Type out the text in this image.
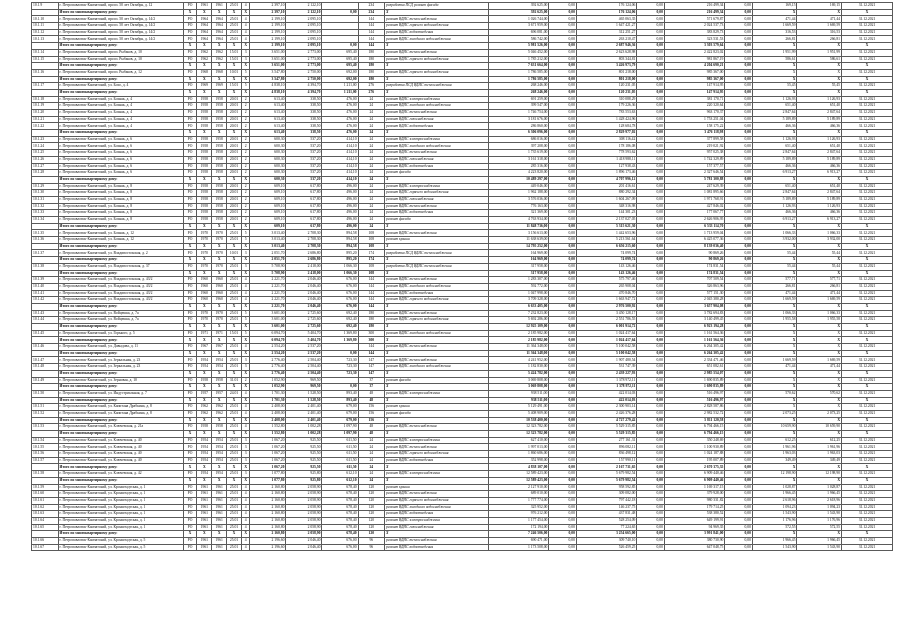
10.1.9	г. Петропавловск-Камчатский, просп. 50 лет Октября, д. 12	РО	1961	1961	25.01	4	2 397,10	2 122,10		234	разработка ПСД ремонт фасада	392 625,00	0,00	176 124,06	0,00	216 499,34	0,00	169,15	169,15	31.12.2021
	Итого по многоквартирному дому:	X	X	X	X	X	2 397,10	2 122,10	0,00	234	X	392 625,00	0,00	176 124,06	0,00	216 499,34	0,00	X	X	X
10.1.10	г. Петропавловск-Камчатский, просп. 50 лет Октября, д. 14/2	РО	1964	1964	25.01	4	2 199,10	2 095,10		144	ремонт ВДИС теплоснабжения	1 026 744,00	0,00	465 063,35	0,00	571 679,87	0,00	471,44	471,44	31.12.2021
10.1.11	г. Петропавловск-Камчатский, просп. 50 лет Октября, д. 14/2	РО	1964	1964	25.01	4	2 199,10	2 095,10		144	ремонт ВДИС горячего водоснабжения	3 671 959,00	0,00	1 647 421,27	0,00	2 024 537,73	0,00	1 669,59	1 669,59	31.12.2021
10.1.12	г. Петропавловск-Камчатский, просп. 50 лет Октября, д. 14/2	РО	1964	1964	25.01	4	2 199,10	2 095,10		144	ремонт ВДИС водоотведения	696 081,00	0,00	312 251,27	0,00	383 829,73	0,00	316,53	316,53	31.12.2021
10.1.13	г. Петропавловск-Камчатский, просп. 50 лет Октября, д. 14/2	РО	1964	1964	25.01	4	2 199,10	2 095,10		144	ремонт ВДИС холодного водоснабжения	586 742,00	0,00	263 210,47	0,00	323 531,53	0,00	266,81	266,81	31.12.2021
	Итого по многоквартирному дому:	X	X	X	X	X	2 199,10	2 095,10	0,00	144	X	5 981 526,00	0,00	2 687 946,36	0,00	3 303 579,64	0,00	X	X	X
10.1.14	г. Петропавловск-Камчатский, просп. Рыбаков, д. 10	РО	1962	1962	15.01	3	3 651,00	2 773,00	695,40	180	ремонт ВДИС теплоснабжения	5 046 452,00	0,00	2 623 628,98	0,00	2 422 823,02	0,00	1 951,99	1 951,99	31.12.2021
10.1.15	г. Петропавловск-Камчатский, просп. Рыбаков, д. 10	РО	1962	1962	15.01	3	3 651,00	2 773,00	695,40	180	ремонт ВДИС горячего водоснабжения	1 785 212,00	0,00	803 344,81	0,00	981 867,19	0,00	586,61	586,61	31.12.2021
	Итого по многоквартирному дому:	X	X	X	X	X	3 651,00	2 773,00	695,40	180	X	7 631 664,00	0,00	3 426 973,79	0,00	4 204 690,21	0,00	X	X	X
10.1.16	г. Петропавловск-Камчатский, просп. Рыбаков, д. 12	РО	1968	1968	10.01	5	3 547,80	2 750,00	692,00	180	ремонт ВДИС горячего водоснабжения	1 786 585,00	0,00	801 218,00	0,00	985 367,00	0,00	X	X	31.12.2021
	Итого по многоквартирному дому:	X	X	X	X	X	3 547,80	2 750,00	692,00	180	X	1 786 585,00	0,00	801 218,00	0,00	985 367,00	0,00	X	X	X
10.1.17	г. Петропавловск-Камчатский, ул. Бохо, д. 4	РО	1969	1969	15.01	5	4 838,10	4 394,70	1 211,00	276	разработка ПСД ВДИС теплоснабжения	268 246,00	0,00	120 231,05	0,00	147 914,95	0,00	55,45	55,45	31.12.2021
	Итого по многоквартирному дому:	X	X	X	X	X	4 838,10	4 394,70	1 211,00	276	X	268 246,00	0,00	120 231,05	0,00	147 914,95	0,00	X	X	X
10.1.18	г. Петропавловск-Камчатский, ул. Бохняк, д. 4	РО	1958	1958	20.01	2	613,40	338,50	476,00	24	ремонт ВДИС электроснабжения	691 259,00	0,00	310 088,29	0,00	381 170,71	0,00	1 126,93	1 126,93	31.12.2021
10.1.19	г. Петропавловск-Камчатский, ул. Бохняк, д. 4	РО	1958	1958	20.01	2	613,40	338,50	476,00	24	ремонт ВДИС холодного водоснабжения	399 547,00	0,00	179 226,36	0,00	220 320,64	0,00	651,40	651,40	31.12.2021
10.1.20	г. Петропавловск-Камчатский, ул. Бохняк, д. 4	РО	1958	1958	20.01	2	613,40	338,50	476,00	24	ремонт ВДИС теплоснабжения	1 746 754,00	0,00	783 553,63	0,00	963 170,37	0,00	2 847,64	2 847,64	31.12.2021
10.1.21	г. Петропавловск-Камчатский, ул. Бохняк, д. 4	РО	1958	1958	20.01	2	613,40	338,50	476,00	24	ремонт ВДИС газоснабжения	3 181 676,00	0,00	1 428 424,96	0,00	1 753 251,04	0,00	5 189,89	5 189,89	31.12.2021
10.1.22	г. Петропавловск-Камчатский, ул. Бохняк, д. 4	РО	1958	1958	20.01	2	613,40	338,50	476,00	24	ремонт ВДИС водоотведения	286 860,00	0,00	128 684,78	0,00	158 175,22	0,00	466,36	466,36	31.12.2021
	Итого по многоквартирному дому:	X	X	X	X	X	613,40	338,50	476,00	24	X	6 306 096,00	0,00	2 829 977,02	0,00	3 476 118,98	0,00	X	X	X
10.1.23	г. Петропавловск-Камчатский, ул. Бохняк, д. 6	РО	1958	1958	20.01	2	600,30	537,20	414,10	24	ремонт ВДИС электроснабжения	686 016,00	0,00	308 116,42	0,00	377 899,58	0,00	1 126,93	1 126,93	31.12.2021
10.1.24	г. Петропавловск-Камчатский, ул. Бохняк, д. 6	РО	1958	1958	20.01	2	600,30	537,20	414,10	24	ремонт ВДИС холодного водоснабжения	397 208,00	0,00	178 186,08	0,00	219 021,92	0,00	651,40	651,40	31.12.2021
10.1.25	г. Петропавловск-Камчатский, ул. Бохняк, д. 6	РО	1958	1958	20.01	2	600,30	537,20	414,10	24	ремонт ВДИС теплоснабжения	1 735 619,00	0,00	778 593,62	0,00	957 025,38	0,00	2 847,64	2 847,64	31.12.2021
10.1.26	г. Петропавловск-Камчатский, ул. Бохняк, д. 6	РО	1958	1958	20.01	2	600,30	537,20	414,10	24	ремонт ВДИС газоснабжения	3 161 318,00	0,00	1 418 988,11	0,00	1 742 329,89	0,00	5 189,89	5 189,89	31.12.2021
10.1.27	г. Петропавловск-Камчатский, ул. Бохняк, д. 6	РО	1958	1958	20.01	2	600,30	537,20	414,10	24	ремонт ВДИС водоотведения	285 316,00	0,00	127 938,43	0,00	157 377,57	0,00	466,36	466,36	31.12.2021
10.1.28	г. Петропавловск-Камчатский, ул. Бохняк, д. 6	РО	1958	1958	20.01	2	600,30	537,20	414,10	24	ремонт фасада	4 223 820,00	0,00	1 896 173,46	0,00	2 327 646,54	0,00	6 913,27	6 913,27	31.12.2021
	Итого по многоквартирному дому:	X	X	X	X	X	600,30	537,20	414,10	24	X	10 489 297,00	0,00	4 707 996,12	0,00	5 781 300,88	0,00	X	X	X
10.1.29	г. Петропавловск-Камчатский, ул. Бохняк, д. 8	РО	1958	1958	20.01	2	609,10	617,80	496,00	24	ремонт ВДИС электроснабжения	449 046,00	0,00	201 416,61	0,00	247 629,39	0,00	651,40	651,40	31.12.2021
10.1.30	г. Петропавловск-Камчатский, ул. Бохняк, д. 8	РО	1958	1958	20.01	2	609,10	617,80	496,00	24	ремонт ВДИС горячего водоснабжения	1 962 188,00	0,00	880 292,34	0,00	1 081 895,66	0,00	2 847,64	2 847,64	31.12.2021
10.1.31	г. Петропавловск-Камчатский, ул. Бохняк, д. 8	РО	1958	1958	20.01	2	609,10	617,80	496,00	24	ремонт ВДИС газоснабжения	3 576 036,00	0,00	1 604 267,09	0,00	1 971 768,91	0,00	5 189,89	5 189,89	31.12.2021
10.1.32	г. Петропавловск-Камчатский, ул. Бохняк, д. 8	РО	1958	1958	20.01	2	609,10	617,80	496,00	24	ремонт ВДИС теплоснабжения	776 163,00	0,00	348 316,98	0,00	427 846,02	0,00	1 126,93	1 126,93	31.12.2021
10.1.33	г. Петропавловск-Камчатский, ул. Бохняк, д. 8	РО	1958	1958	20.01	2	609,10	617,80	496,00	24	ремонт ВДИС водоотведения	321 369,00	0,00	144 301,23	0,00	177 067,77	0,00	466,36	466,36	31.12.2021
10.1.34	г. Петропавловск-Камчатский, ул. Бохняк, д. 8	РО	1958	1958	20.01	2	609,10	617,80	496,00	24	ремонт фасада	4 763 934,00	0,00	2 137 027,05	0,00	2 626 906,95	0,00	6 913,27	6 913,27	31.12.2021
	Итого по многоквартирному дому:	X	X	X	X	X	609,10	617,80	496,00	24	X	11 848 736,00	0,00	5 315 621,30	0,00	6 533 114,70	0,00	X	X	X
10.1.35	г. Петропавловск-Камчатский, ул. Бохняк, д. 12	РО	1970	1970	25.01	5	3 013,40	2 708,30	894,58	108	ремонт ВДИС теплоснабжения	3 156 613,00	0,00	1 442 653,96	0,00	1 713 959,04	0,00	1 066,33	1 066,33	31.12.2021
10.1.36	г. Петропавловск-Камчатский, ул. Бохняк, д. 12	РО	1970	1970	25.01	5	3 013,40	2 708,30	894,58	108	ремонт крыши	11 638 639,00	0,00	5 213 561,64	0,00	6 425 077,36	0,00	3 932,00	3 932,00	31.12.2021
	Итого по многоквартирному дому:	X	X	X	X	X	3 013,40	2 708,30	894,58	108	X	14 795 252,00	0,00	6 656 215,60	0,00	8 139 036,40	0,00	X	X	X
10.1.37	г. Петропавловск-Камчатский, ул. Владивостокская, д. 2	РО	1970	1970	10.01	3	2 051,70	2 686,80	895,20	174	разработка ПСД ВДИС теплоснабжения	164 969,00	0,00	74 099,74	0,00	90 869,26	0,00	55,44	55,44	31.12.2021
	Итого по многоквартирному дому:	X	X	X	X	X	2 051,70	2 686,80	895,20	174	X	164 969,00	0,00	74 099,74	0,00	90 869,26	0,00	X	X	X
10.1.38	г. Петропавловск-Камчатский, ул. Владивостокская, д. 37	РО	1970	1970	25.01	3	5 708,90	2 418,00	1 066,30	108	разработка ПСД ВДИС теплоснабжения	317 958,00	0,00	143 126,46	0,00	174 831,54	0,00	55,44	55,44	31.12.2021
	Итого по многоквартирному дому:	X	X	X	X	X	5 708,90	2 418,00	1 066,30	108	X	317 958,00	0,00	143 126,46	0,00	174 831,54	0,00	X	X	X
10.1.39	г. Петропавловск-Камчатский, ул. Владивостокская, д. 43/2	РО	1960	1960	25.01	4	2 221,70	2 046,40	676,00	144	ремонт ВДИС теплоснабжения	1 283 307,00	0,00	575 797,46	0,00	707 509,54	0,00	577,71	577,71	31.12.2021
10.1.40	г. Петропавловск-Камчатский, ул. Владивостокская, д. 43/2	РО	1960	1960	25.01	4	2 221,70	2 046,40	676,00	144	ремонт ВДИС холодного водоснабжения	592 772,00	0,00	265 908,04	0,00	326 863,96	0,00	266,81	266,81	31.12.2021
10.1.41	г. Петропавловск-Камчатский, ул. Владивостокская, д. 43/2	РО	1960	1960	25.01	4	2 221,70	2 046,40	676,00	144	ремонт ВДИС водоотведения	1 047 998,00	0,00	470 846,70	0,00	577 151,30	0,00	471,44	471,44	31.12.2021
10.1.42	г. Петропавловск-Камчатский, ул. Владивостокская, д. 43/2	РО	1960	1960	25.01	4	2 221,70	2 046,40	676,00	144	ремонт ВДИС горячего водоснабжения	3 709 328,00	0,00	1 663 947,72	0,00	2 045 380,28	0,00	1 669,59	1 669,59	31.12.2021
	Итого по многоквартирному дому:	X	X	X	X	X	2 221,70	2 046,40	676,00	144	X	6 633 405,00	0,00	2 976 500,92	0,00	3 657 904,08	0,00	X	X	X
10.1.43	г. Петропавловск-Камчатский, ул. Войцешка, д. 7а	РО	1970	1970	25.01	5	3 601,00	2 725,60	692,40	180	ремонт ВДИС теплоснабжения	7 232 823,00	0,00	3 450 128,17	0,00	3 782 694,83	0,00	1 066,33	1 066,33	31.12.2021
10.1.44	г. Петропавловск-Камчатский, ул. Войцешка, д. 7а	РО	1970	1970	25.01	5	3 601,00	2 725,60	692,40	180	ремонт ВДИС горячего водоснабжения	5 692 286,00	0,00	2 551 786,55	0,00	3 140 499,45	0,00	1 955,58	1 955,58	31.12.2021
	Итого по многоквартирному дому:	X	X	X	X	X	3 601,00	2 725,60	692,40	180	X	12 925 109,00	0,00	6 001 914,72	0,00	6 923 194,28	0,00	X	X	X
10.1.45	г. Петропавловск-Камчатский, ул. Горького, д. 5	РО	1971	1971	15.01	5	6 094,70	5 404,70	1 369,80	300	ремонт ВДИС холодного водоснабжения	2 185 982,00	0,00	1 024 417,64	0,00	1 161 564,36	0,00	X	X	31.12.2021
	Итого по многоквартирному дому:	X	X	X	X	X	6 094,70	5 404,70	1 369,80	300	X	2 185 982,00	0,00	1 024 417,64	0,00	1 161 564,36	0,00	X	X	X
10.1.46	г. Петропавловск-Камчатский, ул. Давыдова, д. 11	РО	1967	1967	25.01	4	2 554,20	2 537,20		144	ремонт ВДИС теплоснабжения	11 364 348,00	0,00	5 100 042,58	0,00	6 264 305,42	0,00	X	X	31.12.2021
	Итого по многоквартирному дому:	X	X	X	X	X	2 554,20	2 537,20	0,00	144	X	11 364 348,00	0,00	5 100 042,58	0,00	6 264 305,42	0,00	X	X	X
10.1.47	г. Петропавловск-Камчатский, ул. Зеркальная, д. 23	РО	1954	1954	25.01	3	2 776,40	2 504,40	723,30	147	ремонт ВДИС теплоснабжения	4 241 952,00	0,00	1 907 480,54	0,00	2 334 471,46	0,00	1 669,59	1 669,59	31.12.2021
10.1.48	г. Петропавловск-Камчатский, ул. Зеркальная, д. 23	РО	1954	1954	25.01	3	2 776,40	2 504,40	723,30	147	ремонт ВДИС холодного водоснабжения	1 182 830,00	0,00	531 747,39	0,00	651 082,61	0,00	471,44	471,44	31.12.2021
	Итого по многоквартирному дому:	X	X	X	X	X	2 776,40	2 504,40	723,30	147	X	5 424 782,00	0,00	2 439 227,93	0,00	2 985 554,07	0,00	X	X	X
10.1.49	г. Петропавловск-Камчатский, ул. Зерновая, д. 10	РО	1958	1958	31.01	2	1 052,90	969,50		37	ремонт фасада	3 069 808,00	0,00	1 378 972,11	0,00	1 690 835,89	0,00	X	X	31.12.2021
	Итого по многоквартирному дому:	X	X	X	X	X	1 052,90	969,50	0,00	37	X	3 069 808,00	0,00	1 378 972,11	0,00	1 690 835,89	0,00	X	X	X
10.1.50	г. Петропавловск-Камчатский, ул. Индустриальная, д. 7	РО	1957	1957	24.01	4	1 701,30	1 528,50	893,40	48	ремонт ВДИС электроснабжения	938 511,00	0,00	422 014,03	0,00	516 496,97	0,00	570,62	570,62	31.12.2021
	Итого по многоквартирному дому:	X	X	X	X	X	1 701,30	1 528,50	893,40	48	X	938 511,00	0,00	422 014,03	0,00	516 496,97	0,00	X	X	X
10.1.51	г. Петропавловск-Камчатский, ул. Капитана Драбкина, д. 8	РО	1962	1962	25.01	4	2 408,00	2 401,40	679,00	156	ремонт крыши	5 129 491,00	0,00	2 300 903,14	0,00	2 828 587,86	0,00	X	X	31.12.2021
10.1.52	г. Петропавловск-Камчатский, ул. Капитана Драбкина, д. 8	РО	1962	1962	25.01	4	2 408,00	2 401,40	679,00	156	ремонт фасада	5 408 909,00	0,00	2 426 376,28	0,00	2 982 532,72	0,00	2 073,25	2 073,25	31.12.2021
	Итого по многоквартирному дому:	X	X	X	X	X	2 408,00	2 401,40	679,00	156	X	10 538 400,00	0,00	4 727 279,42	0,00	5 811 120,58	0,00	X	X	X
10.1.53	г. Петропавловск-Камчатский, ул. Ключевская, д. 21а	РО	1958	1958	25.01	4	1 552,80	1 002,28	1 097,90	48	ремонт ВДИС теплоснабжения	12 323 782,00	0,00	5 529 315,85	0,00	6 794 466,15	0,00	10 659,90	10 659,90	31.12.2021
	Итого по многоквартирному дому:	X	X	X	X	X	1 552,80	1 002,28	1 097,90	48	X	12 323 782,00	0,00	5 529 315,85	0,00	6 794 466,15	0,00	X	X	X
10.1.54	г. Петропавловск-Камчатский, ул. Ключевская, д. 40	РО	1954	1954	25.01	3	1 067,20	925,50	611,50	24	ремонт ВДИС электроснабжения	627 410,00	0,00	277 161,31	0,00	350 248,69	0,00	612,25	612,25	31.12.2021
10.1.55	г. Петропавловск-Камчатский, ул. Ключевская, д. 40	РО	1954	1954	25.01	3	1 067,20	925,50	611,50	24	ремонт ВДИС теплоснабжения	1 997 013,00	0,00	896 082,11	0,00	1 100 930,89	0,00	1 961,96	1 961,96	31.12.2021
10.1.56	г. Петропавловск-Камчатский, ул. Ключевская, д. 40	РО	1954	1954	25.01	3	1 067,20	925,50	611,50	24	ремонт ВДИС горячего водоснабжения	1 860 686,00	0,00	836 498,12	0,00	1 024 187,88	0,00	1 963,03	1 963,03	31.12.2021
10.1.57	г. Петропавловск-Камчатский, ул. Ключевская, д. 40	РО	1954	1954	25.01	3	1 067,20	925,50	611,50	24	ремонт ВДИС водоотведения	352 998,00	0,00	157 990,11	0,00	195 007,89	0,00	349,49	349,49	31.12.2021
	Итого по многоквартирному дому:	X	X	X	X	X	1 067,20	925,50	611,50	24	X	4 838 107,00	0,00	2 167 731,65	0,00	2 670 375,35	0,00	X	X	X
10.1.58	г. Петропавловск-Камчатский, ул. Ключевская, д. 42	РО	1954	1954	25.01	3	1 077,80	925,80	612,10	24	ремонт ВДИС электроснабжения	12 589 423,00	0,00	5 679 982,54	0,00	6 909 440,46	0,00	12 198,90	12 198,90	31.12.2021
	Итого по многоквартирному дому:	X	X	X	X	X	1 077,80	925,80	612,10	24	X	12 589 423,00	0,00	5 679 982,54	0,00	6 909 440,46	0,00	X	X	X
10.1.59	г. Петропавловск-Камчатский, ул. Кронштадтская, д. 1	РО	1961	1961	25.01	4	2 160,80	2 058,90	678,40	120	ремонт крыши	2 127 910,00	0,00	958 592,85	0,00	1 169 317,15	0,00	1 028,87	1 028,87	31.12.2021
10.1.60	г. Петропавловск-Камчатский, ул. Кронштадтская, д. 1	РО	1961	1961	25.01	4	2 160,80	2 058,90	678,40	120	ремонт ВДИС теплоснабжения	689 010,00	0,00	309 082,00	0,00	379 928,00	0,00	1 966,45	1 966,45	31.12.2021
10.1.61	г. Петропавловск-Камчатский, ул. Кронштадтская, д. 1	РО	1961	1961	25.01	4	2 160,80	2 058,90	678,40	120	ремонт ВДИС горячего водоснабжения	1 777 774,00	0,00	797 442,18	0,00	980 331,82	0,00	2 618,96	2 618,96	31.12.2021
10.1.62	г. Петропавловск-Камчатский, ул. Кронштадтская, д. 1	РО	1961	1961	25.01	4	2 160,80	2 058,90	678,40	120	ремонт ВДИС холодного водоснабжения	325 952,00	0,00	146 237,75	0,00	179 714,25	0,00	1 094,23	1 094,23	31.12.2021
10.1.63	г. Петропавловск-Камчатский, ул. Кронштадтская, д. 1	РО	1961	1961	25.01	4	2 160,80	2 058,90	678,40	120	ремонт ВДИС водоотведения	976 212,00	0,00	437 831,48	0,00	538 380,52	0,00	1 543,90	1 543,90	31.12.2021
10.1.64	г. Петропавловск-Камчатский, ул. Кронштадтская, д. 1	РО	1961	1961	25.01	4	2 160,80	2 058,90	678,40	120	ремонт ВДИС электроснабжения	1 177 454,00	0,00	528 254,09	0,00	649 199,91	0,00	1 176,96	1 176,96	31.12.2021
10.1.65	г. Петропавловск-Камчатский, ул. Кронштадтская, д. 1	РО	1961	1961	25.01	4	2 160,80	2 058,90	678,40	120	ремонт ВДИС газоснабжения	172 194,00	0,00	77 224,65	0,00	94 969,35	0,00	572,55	572,55	31.12.2021
	Итого по многоквартирному дому:	X	X	X	X	X	2 160,80	2 058,90	678,40	120	X	7 246 506,00	0,00	3 254 665,00	0,00	3 991 841,00	0,00	X	X	X
10.1.66	г. Петропавловск-Камчатский, ул. Кронштадтская, д. 5	РО	1961	1961	25.01	4	2 196,60	2 046,40	676,00	96	ремонт ВДИС теплоснабжения	690 471,00	0,00	309 740,10	0,00	380 730,90	0,00	1 966,45	1 966,45	31.12.2021
10.1.67	г. Петропавловск-Камчатский, ул. Кронштадтская, д. 5	РО	1961	1961	25.01	4	2 196,60	2 046,40	676,00	96	ремонт ВДИС водоотведения	1 173 508,00	0,00	526 459,25	0,00	647 048,75	0,00	1 543,90	1 543,90	31.12.2021
